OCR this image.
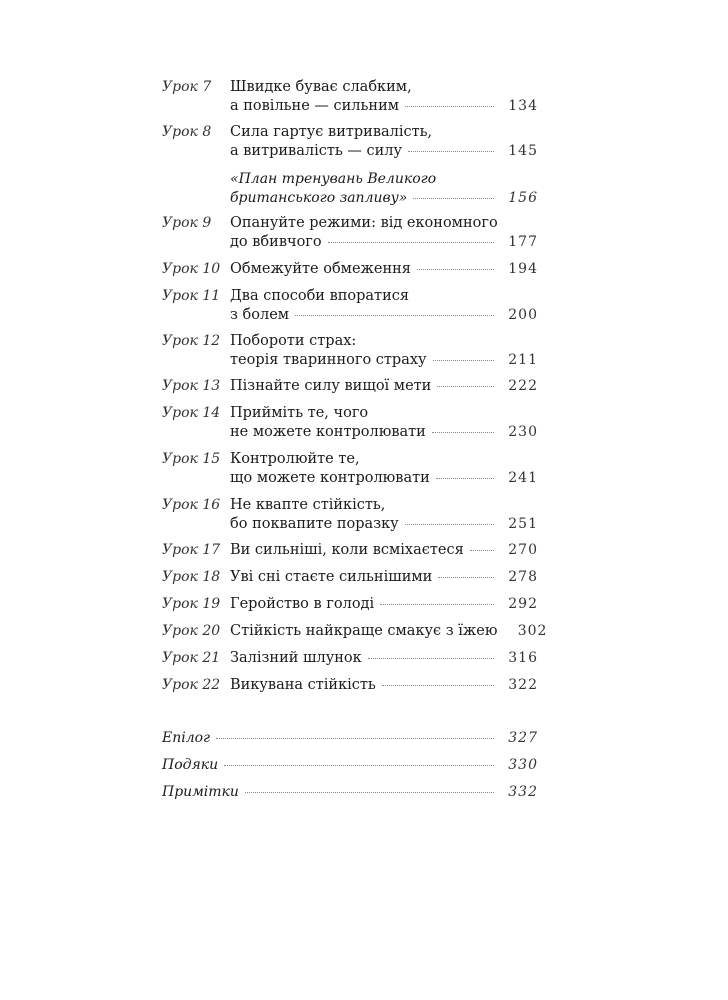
Урок 7	Швидке буває слабким,
а повільне — сильним	134
Урок 8	Сила гартує витривалість,
а витривалість — силу	145
«План тренувань Великого
британського запливу»	156
Урок 9	Опануйте режими: від економного
до вбивчого	177
Урок 10 Обмежуйте обмеження	194
Урок 11 Два способи впоратися
з болем	200
Урок 12 Побороти страх:
теорія тваринного страху	211
Урок 13 Пізнайте силу вищої мети	222
Урок 14 Прийміть те, чого
не можете контролювати	230
Урок 15 Контролюйте те,
що можете контролювати	241
Урок 16 Не квапте стійкість,
бо поквапите поразку	251
Урок 17 Ви сильніші, коли всміхаєтеся	270
Урок 18 Уві сні стаєте сильнішими	278
Урок 19 Геройство в голоді	292
Урок 20 Стійкість найкраще смакує з їжею	302
Урок 21 Залізний шлунок	316
Урок 22 Викувана стійкість	322
Епілог	327
Подяки	330
Примітки	332
